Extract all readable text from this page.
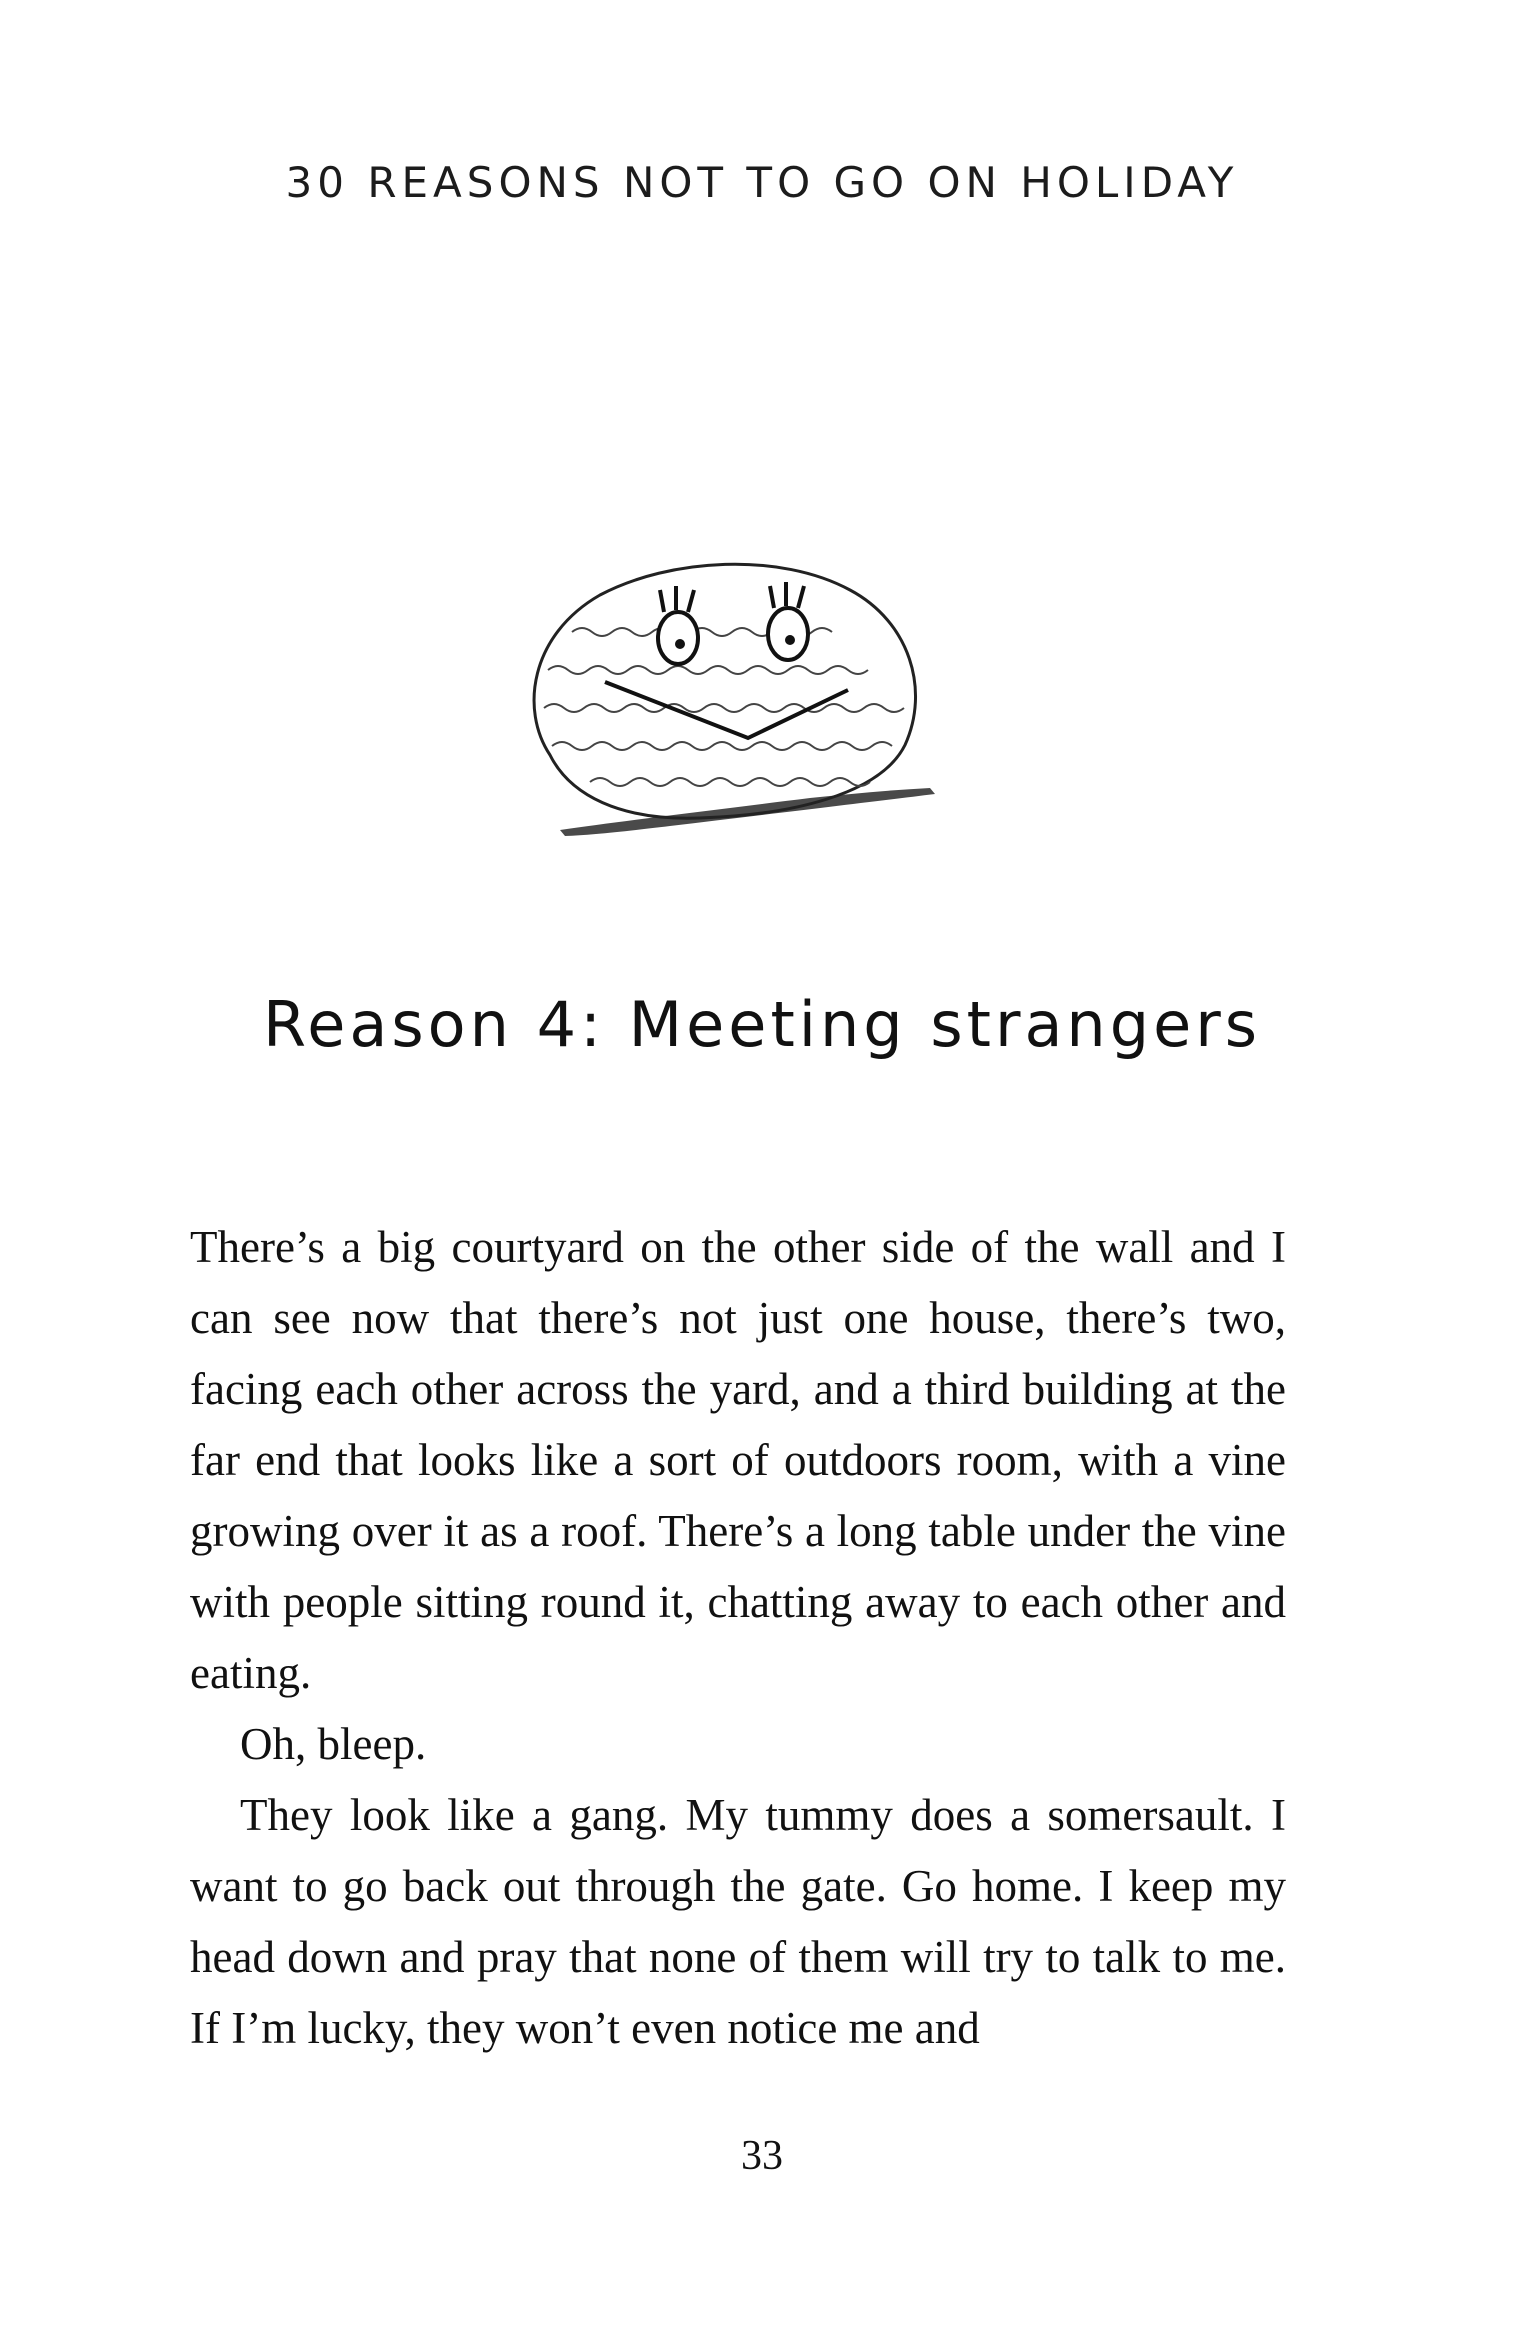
30 REASONS NOT TO GO ON HOLIDAY
Reason 4: Meeting strangers

There’s a big courtyard on the other side of the wall and I can see now that there’s not just one house, there’s two, facing each other across the yard, and a third building at the far end that looks like a sort of outdoors room, with a vine growing over it as a roof. There’s a long table under the vine with people sitting round it, chatting away to each other and eating.

Oh, bleep.

They look like a gang. My tummy does a somersault. I want to go back out through the gate. Go home. I keep my head down and pray that none of them will try to talk to me. If I’m lucky, they won’t even notice me and

33
